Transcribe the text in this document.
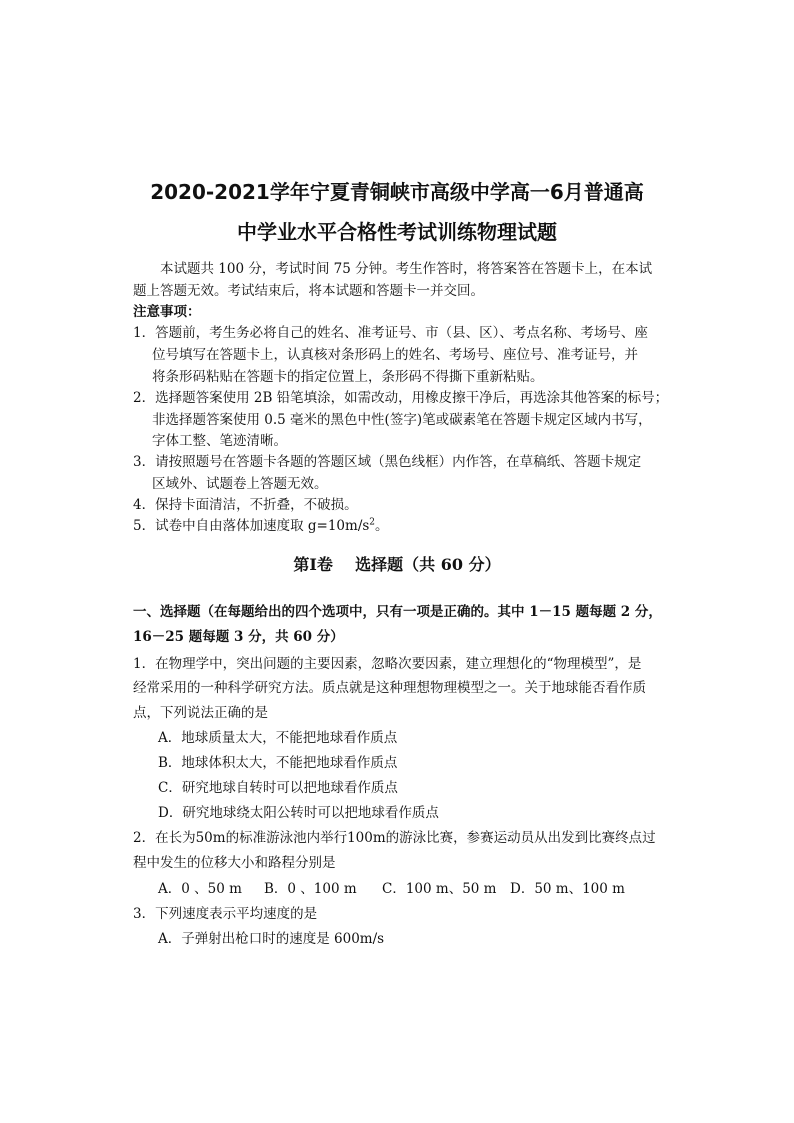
2020-2021学年宁夏青铜峡市高级中学高一6月普通高
中学业水平合格性考试训练物理试题
本试题共 100 分，考试时间 75 分钟。考生作答时，将答案答在答题卡上，在本试
题上答题无效。考试结束后，将本试题和答题卡一并交回。
注意事项：
1．答题前，考生务必将自己的姓名、准考证号、市（县、区）、考点名称、考场号、座
位号填写在答题卡上，认真核对条形码上的姓名、考场号、座位号、准考证号，并
将条形码粘贴在答题卡的指定位置上，条形码不得撕下重新粘贴。
2．选择题答案使用 2B 铅笔填涂，如需改动，用橡皮擦干净后，再选涂其他答案的标号；
非选择题答案使用 0.5 毫米的黑色中性(签字)笔或碳素笔在答题卡规定区域内书写，
字体工整、笔迹清晰。
3．请按照题号在答题卡各题的答题区域（黑色线框）内作答，在草稿纸、答题卡规定
区域外、试题卷上答题无效。
4．保持卡面清洁，不折叠，不破损。
5．试卷中自由落体加速度取 $g=10m/s^2$。
第Ⅰ卷    选择题（共 60 分）
一、选择题（在每题给出的四个选项中，只有一项是正确的。其中 1－15 题每题 2 分，
16－25 题每题 3 分，共 60 分）
1．在物理学中，突出问题的主要因素，忽略次要因素，建立理想化的“物理模型”，是
经常采用的一种科学研究方法。质点就是这种理想物理模型之一。关于地球能否看作质
点，下列说法正确的是
A．地球质量太大，不能把地球看作质点
B．地球体积太大，不能把地球看作质点
C．研究地球自转时可以把地球看作质点
D．研究地球绕太阳公转时可以把地球看作质点
2．在长为50m的标准游泳池内举行100m的游泳比赛，参赛运动员从出发到比赛终点过
程中发生的位移大小和路程分别是
A．0 、50 m B．0 、100 m C．100 m、50 m D．50 m、100 m
3．下列速度表示平均速度的是
A．子弹射出枪口时的速度是 600m/s
